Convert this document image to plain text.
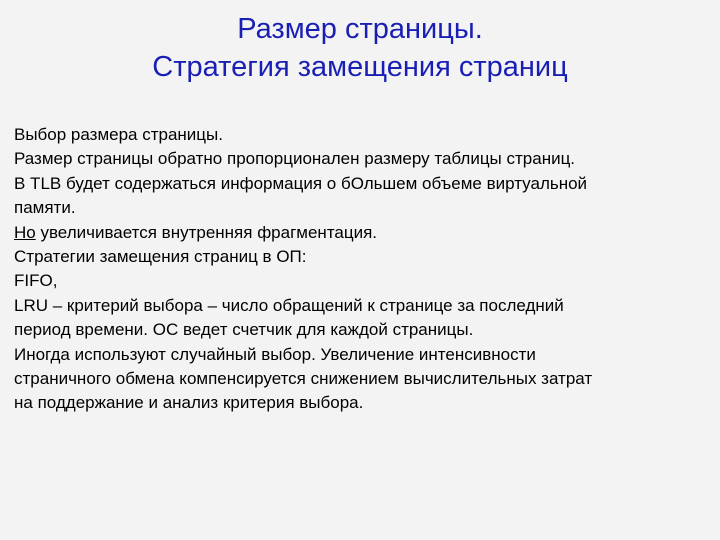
Размер страницы.
Стратегия замещения страниц
Выбор размера страницы.
Размер страницы обратно пропорционален размеру таблицы страниц.
В TLB будет содержаться информация о бОльшем объеме виртуальной
памяти.
Но увеличивается внутренняя фрагментация.
Стратегии замещения страниц в ОП:
FIFO,
LRU – критерий выбора – число обращений к странице за последний
период времени. ОС ведет счетчик для каждой страницы.
Иногда используют случайный выбор. Увеличение интенсивности
страничного обмена компенсируется снижением вычислительных затрат
на поддержание и анализ критерия выбора.
